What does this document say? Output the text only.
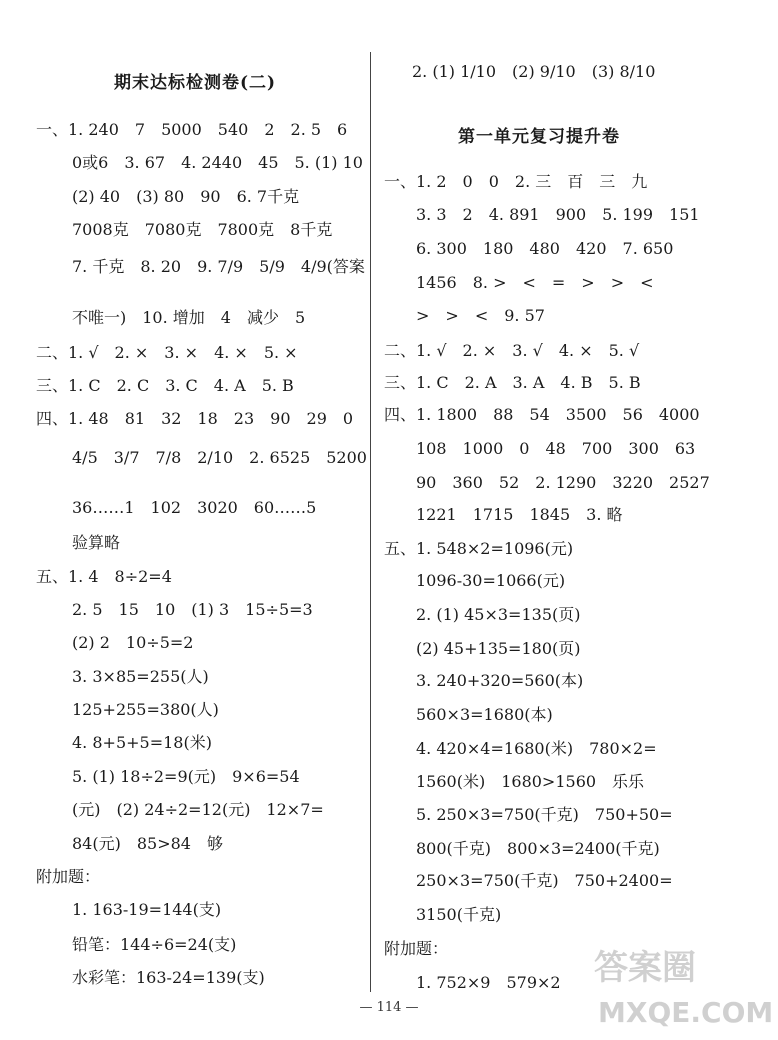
期末达标检测卷(二)
一、1. 240　7　5000　540　2　2. 5　6
0或6　3. 67　4. 2440　45　5. (1) 10
(2) 40　(3) 80　90　6. 7千克
7008克　7080克　7800克　8千克
7. 千克　8. 20　9. 7/9　5/9　4/9(答案
不唯一)　10. 增加　4　减少　5
二、1. √　2. ×　3. ×　4. ×　5. ×
三、1. C　2. C　3. C　4. A　5. B
四、1. 48　81　32　18　23　90　29　0
4/5　3/7　7/8　2/10　2. 6525　5200
36……1　102　3020　60……5
验算略
五、1. 4　8÷2=4
2. 5　15　10　(1) 3　15÷5=3
(2) 2　10÷5=2
3. 3×85=255(人)
125+255=380(人)
4. 8+5+5=18(米)
5. (1) 18÷2=9(元)　9×6=54
(元)　(2) 24÷2=12(元)　12×7=
84(元)　85>84　够
附加题：
1. 163-19=144(支)
铅笔：144÷6=24(支)
水彩笔：163-24=139(支)
2. (1) 1/10　(2) 9/10　(3) 8/10
第一单元复习提升卷
一、1. 2　0　0　2. 三　百　三　九
3. 3　2　4. 891　900　5. 199　151
6. 300　180　480　420　7. 650
1456　8. >　<　=　>　>　<
>　>　<　9. 57
二、1. √　2. ×　3. √　4. ×　5. √
三、1. C　2. A　3. A　4. B　5. B
四、1. 1800　88　54　3500　56　4000
108　1000　0　48　700　300　63
90　360　52　2. 1290　3220　2527
1221　1715　1845　3. 略
五、1. 548×2=1096(元)
1096-30=1066(元)
2. (1) 45×3=135(页)
(2) 45+135=180(页)
3. 240+320=560(本)
560×3=1680(本)
4. 420×4=1680(米)　780×2=
1560(米)　1680>1560　乐乐
5. 250×3=750(千克)　750+50=
800(千克)　800×3=2400(千克)
250×3=750(千克)　750+2400=
3150(千克)
附加题：
1. 752×9　579×2
— 114 —
答案圈
MXQE.COM
